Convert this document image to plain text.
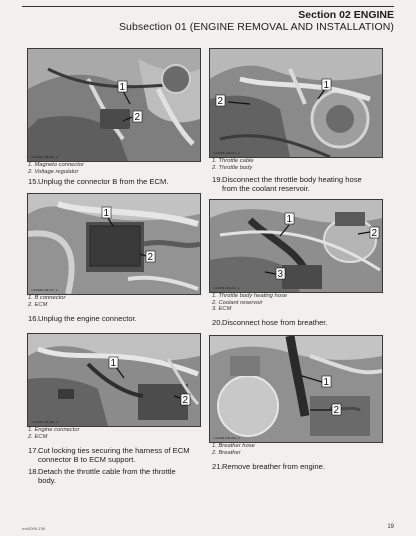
Section 02 ENGINE
Subsection 01 (ENGINE REMOVAL AND INSTALLATION)
1
2
rmr2009-139-015_a
1. Magneto connector
2. Voltage regulator
15.Unplug the connector B from the ECM.
2
1
rmr2009-139-012_a
1. Throttle cable
2. Throttle body
19.Disconnect the throttle body heating hose
from the coolant reservoir.
1
2
rmr2009-139-017_a
1. B connector
2. ECM
16.Unplug the engine connector.
1
2
3
rmr2009-139-013_a
1. Throttle body heating hose
2. Coolant reservoir
3. ECM
20.Disconnect hose from breather.
1
2
rmr2009-139-018_a
1. Engine connector
2. ECM
17.Cut locking ties securing the harness of ECM
connector B to ECM support.
18.Detach the throttle cable from the throttle
body.
1
2
rmr2009-139-019_a
1. Breather hose
2. Breather
21.Remove breather from engine.
rmr2009-139	19
